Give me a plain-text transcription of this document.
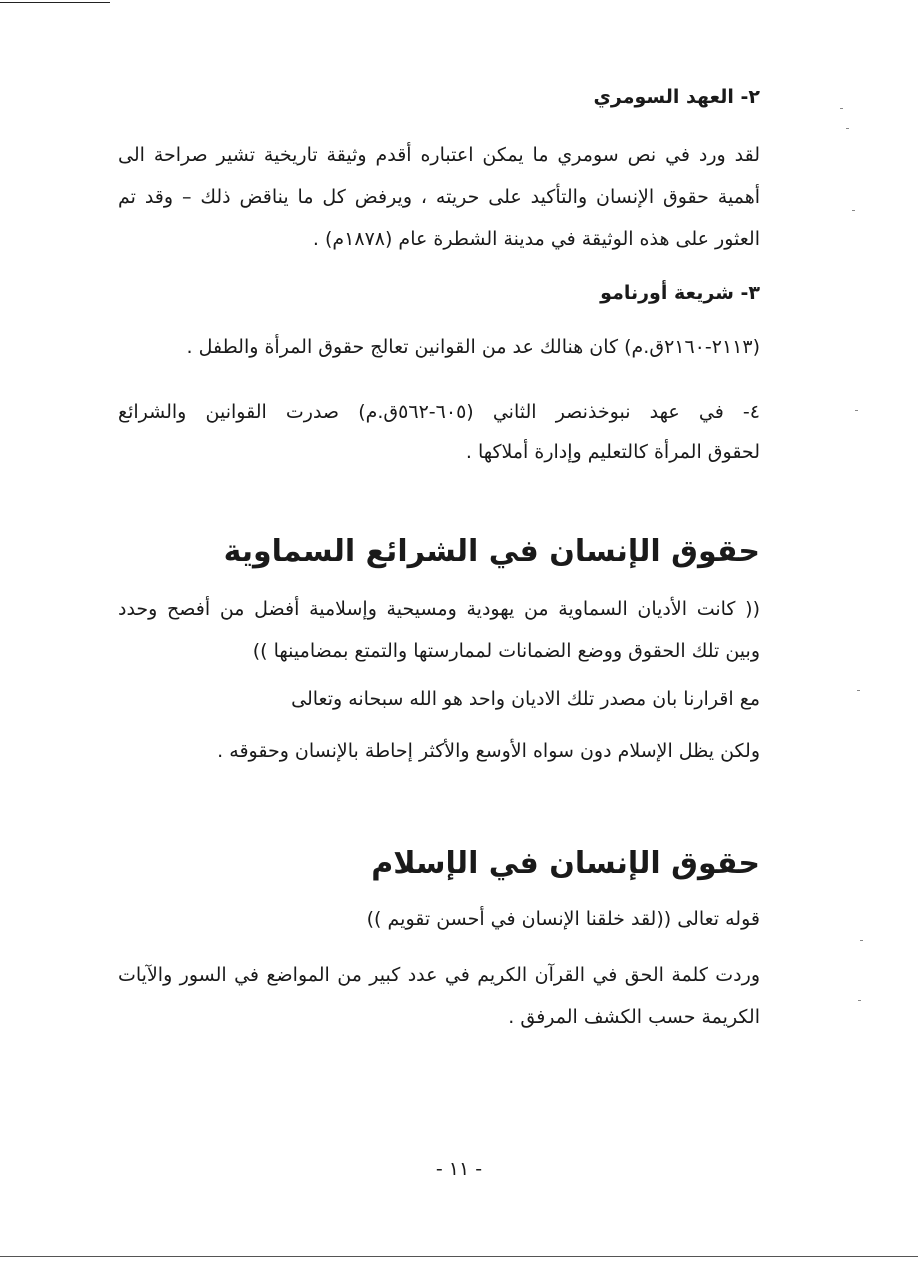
٢- العهد السومري
لقد ورد في نص سومري ما يمكن اعتباره أقدم وثيقة تاريخية تشير صراحة الى
أهمية حقوق الإنسان والتأكيد على حريته ، ويرفض كل ما يناقض ذلك – وقد تم
العثور على هذه الوثيقة في مدينة الشطرة عام (١٨٧٨م) .
٣- شريعة أورنامو
(٢١١٣-٢١٦٠ق.م) كان هنالك عد من القوانين تعالج حقوق المرأة والطفل .
٤- في عهد نبوخذنصر الثاني (٦٠٥-٥٦٢ق.م) صدرت القوانين والشرائع
لحقوق المرأة كالتعليم وإدارة أملاكها .
حقوق الإنسان في الشرائع السماوية
(( كانت الأديان السماوية من يهودية ومسيحية وإسلامية أفضل من أفصح وحدد
وبين تلك الحقوق ووضع الضمانات لممارستها والتمتع بمضامينها ))
مع اقرارنا بان مصدر تلك الاديان واحد هو الله سبحانه وتعالى
ولكن يظل الإسلام دون سواه الأوسع والأكثر إحاطة بالإنسان وحقوقه .
حقوق الإنسان في الإسلام
قوله تعالى ((لقد خلقنا الإنسان في أحسن تقويم ))
وردت كلمة الحق في القرآن الكريم في عدد كبير من المواضع في السور والآيات
الكريمة حسب الكشف المرفق .
- ١١ -
